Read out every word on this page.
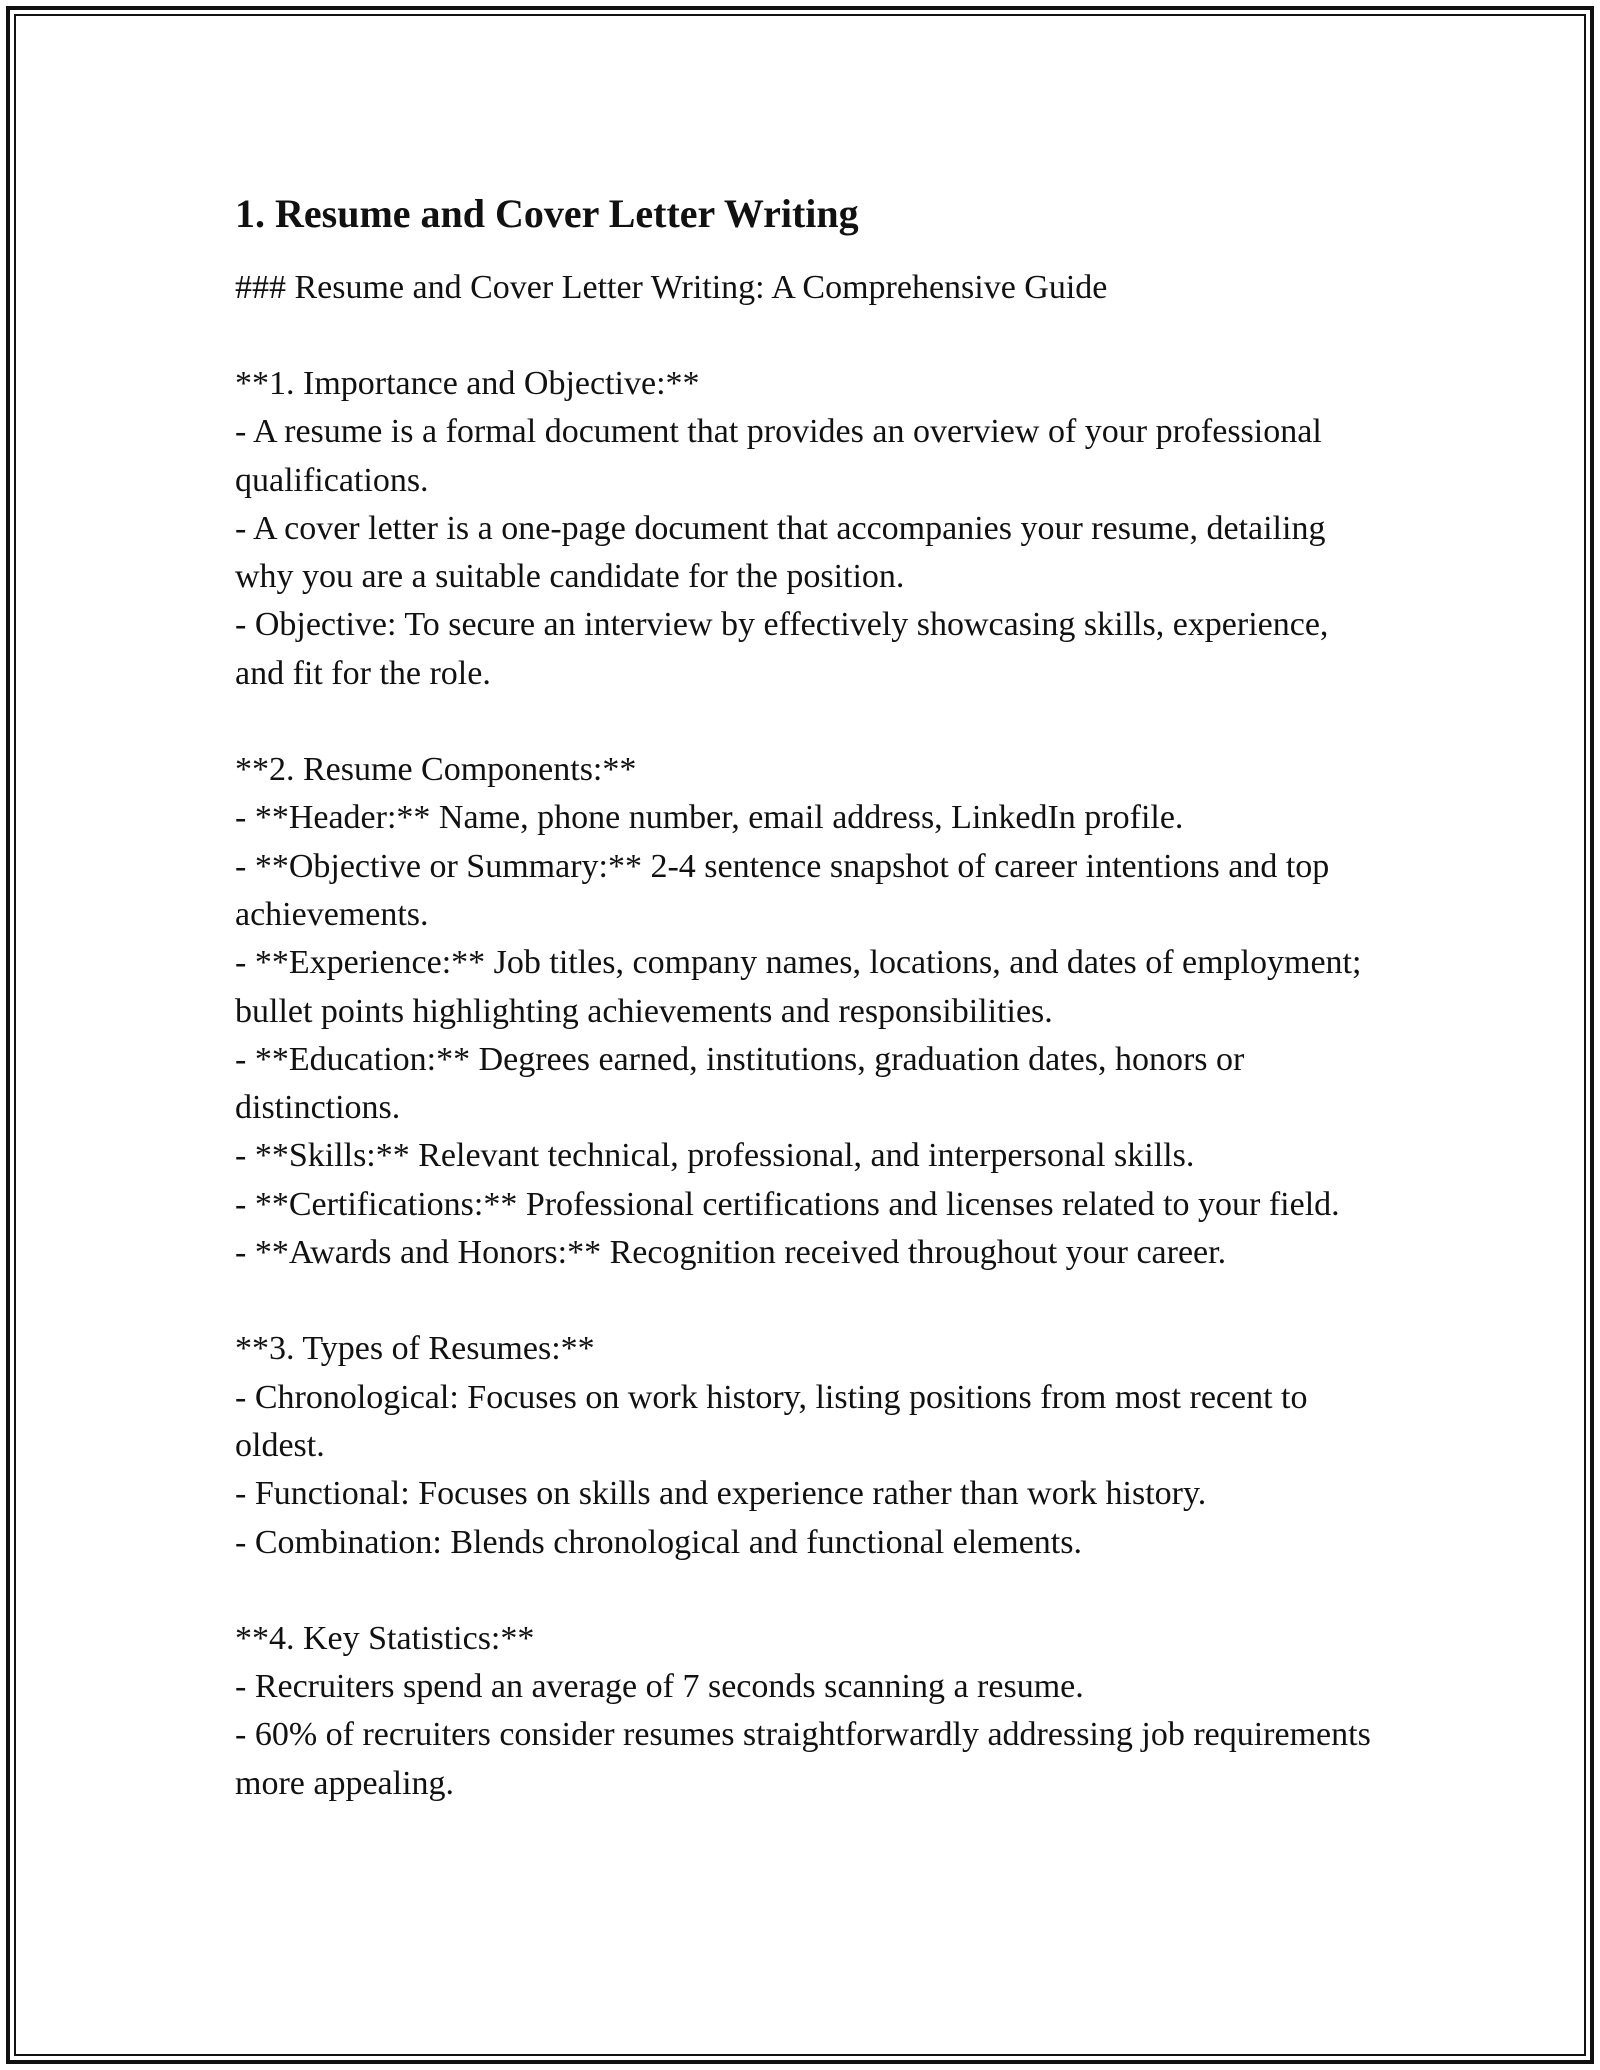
1. Resume and Cover Letter Writing
### Resume and Cover Letter Writing: A Comprehensive Guide
**1. Importance and Objective:**
- A resume is a formal document that provides an overview of your professional qualifications.
- A cover letter is a one-page document that accompanies your resume, detailing why you are a suitable candidate for the position.
- Objective: To secure an interview by effectively showcasing skills, experience, and fit for the role.
**2. Resume Components:**
- **Header:** Name, phone number, email address, LinkedIn profile.
- **Objective or Summary:** 2-4 sentence snapshot of career intentions and top achievements.
- **Experience:** Job titles, company names, locations, and dates of employment; bullet points highlighting achievements and responsibilities.
- **Education:** Degrees earned, institutions, graduation dates, honors or distinctions.
- **Skills:** Relevant technical, professional, and interpersonal skills.
- **Certifications:** Professional certifications and licenses related to your field.
- **Awards and Honors:** Recognition received throughout your career.
**3. Types of Resumes:**
- Chronological: Focuses on work history, listing positions from most recent to oldest.
- Functional: Focuses on skills and experience rather than work history.
- Combination: Blends chronological and functional elements.
**4. Key Statistics:**
- Recruiters spend an average of 7 seconds scanning a resume.
- 60% of recruiters consider resumes straightforwardly addressing job requirements more appealing.
